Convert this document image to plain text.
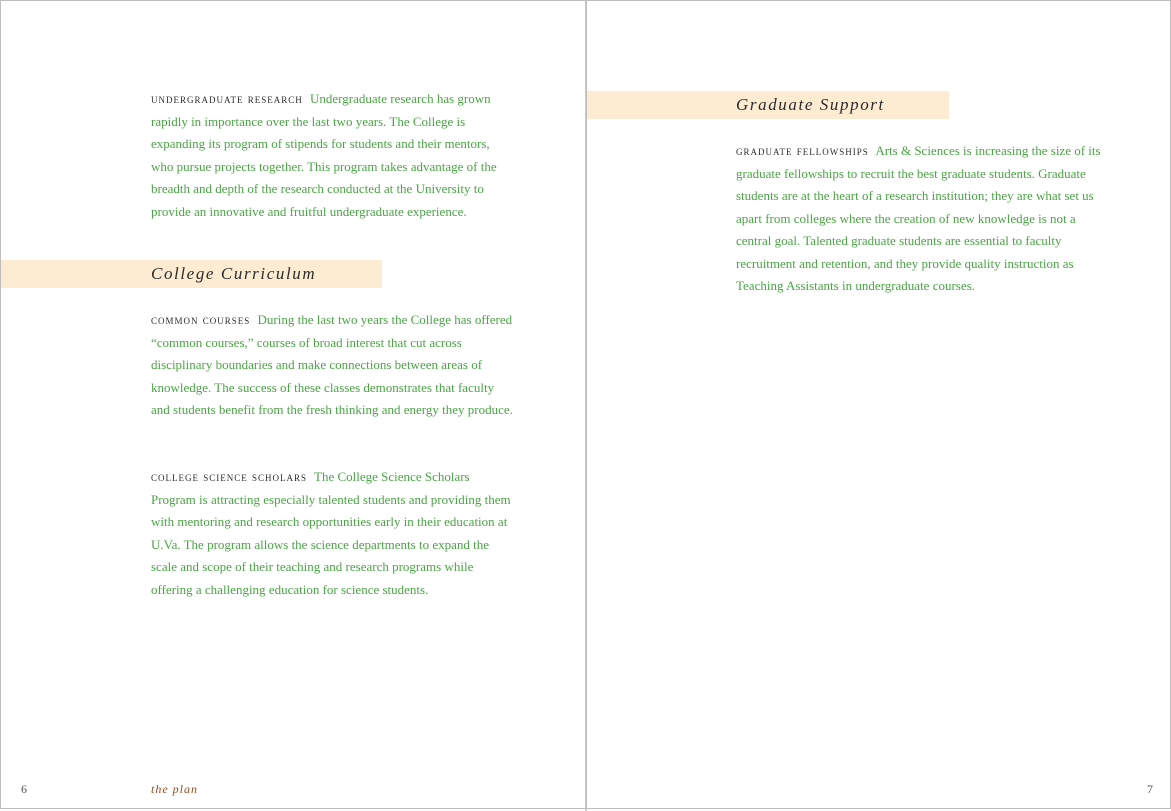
undergraduate research Undergraduate research has grown rapidly in importance over the last two years. The College is expanding its program of stipends for students and their mentors, who pursue projects together. This program takes advantage of the breadth and depth of the research conducted at the University to provide an innovative and fruitful undergraduate experience.
College Curriculum
common courses During the last two years the College has offered “common courses,” courses of broad interest that cut across disciplinary boundaries and make connections between areas of knowledge. The success of these classes demonstrates that faculty and students benefit from the fresh thinking and energy they produce.
college science scholars The College Science Scholars Program is attracting especially talented students and providing them with mentoring and research opportunities early in their education at U.Va. The program allows the science departments to expand the scale and scope of their teaching and research programs while offering a challenging education for science students.
6	the plan
Graduate Support
graduate fellowships Arts & Sciences is increasing the size of its graduate fellowships to recruit the best graduate students. Graduate students are at the heart of a research institution; they are what set us apart from colleges where the creation of new knowledge is not a central goal. Talented graduate students are essential to faculty recruitment and retention, and they provide quality instruction as Teaching Assistants in undergraduate courses.
7
